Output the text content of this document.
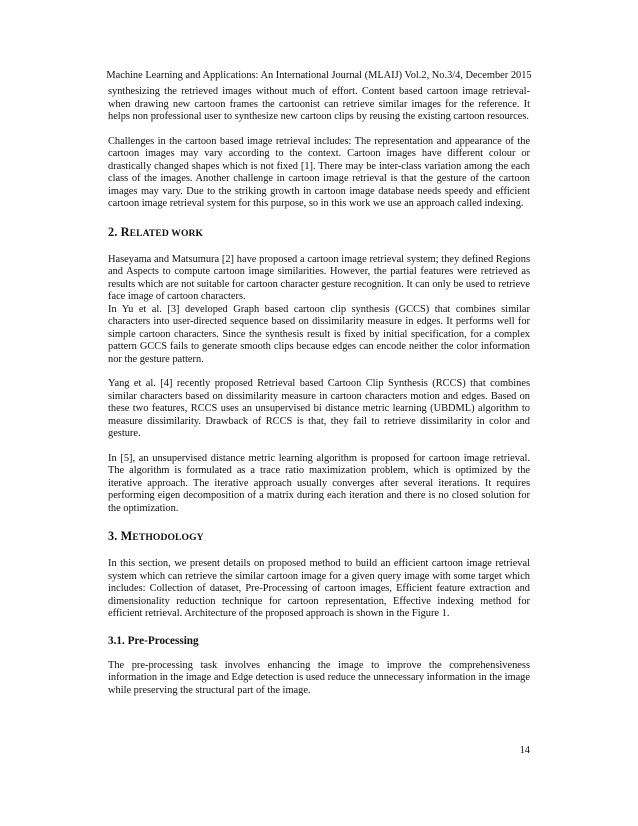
Machine Learning and Applications: An International Journal (MLAIJ) Vol.2, No.3/4, December 2015

synthesizing the retrieved images without much of effort. Content based cartoon image retrieval- when drawing new cartoon frames the cartoonist can retrieve similar images for the reference. It helps non professional user to synthesize new cartoon clips by reusing the existing cartoon resources.

Challenges in the cartoon based image retrieval includes: The representation and appearance of the cartoon images may vary according to the context. Cartoon images have different colour or drastically changed shapes which is not fixed [1]. There may be inter-class variation among the each class of the images. Another challenge in cartoon image retrieval is that the gesture of the cartoon images may vary. Due to the striking growth in cartoon image database needs speedy and efficient cartoon image retrieval system for this purpose, so in this work we use an approach called indexing.

2. RELATED WORK

Haseyama and Matsumura [2] have proposed a cartoon image retrieval system; they defined Regions and Aspects to compute cartoon image similarities. However, the partial features were retrieved as results which are not suitable for cartoon character gesture recognition. It can only be used to retrieve face image of cartoon characters.

In Yu et al. [3] developed Graph based cartoon clip synthesis (GCCS) that combines similar characters into user-directed sequence based on dissimilarity measure in edges. It performs well for simple cartoon characters. Since the synthesis result is fixed by initial specification, for a complex pattern GCCS fails to generate smooth clips because edges can encode neither the color information nor the gesture pattern.

Yang et al. [4] recently proposed Retrieval based Cartoon Clip Synthesis (RCCS) that combines similar characters based on dissimilarity measure in cartoon characters motion and edges. Based on these two features, RCCS uses an unsupervised bi distance metric learning (UBDML) algorithm to measure dissimilarity. Drawback of RCCS is that, they fail to retrieve dissimilarity in color and gesture.

In [5], an unsupervised distance metric learning algorithm is proposed for cartoon image retrieval. The algorithm is formulated as a trace ratio maximization problem, which is optimized by the iterative approach. The iterative approach usually converges after several iterations. It requires performing eigen decomposition of a matrix during each iteration and there is no closed solution for the optimization.

3. METHODOLOGY

In this section, we present details on proposed method to build an efficient cartoon image retrieval system which can retrieve the similar cartoon image for a given query image with some target which includes: Collection of dataset, Pre-Processing of cartoon images, Efficient feature extraction and dimensionality reduction technique for cartoon representation, Effective indexing method for efficient retrieval. Architecture of the proposed approach is shown in the Figure 1.

3.1. Pre-Processing

The pre-processing task involves enhancing the image to improve the comprehensiveness information in the image and Edge detection is used reduce the unnecessary information in the image while preserving the structural part of the image.

14
